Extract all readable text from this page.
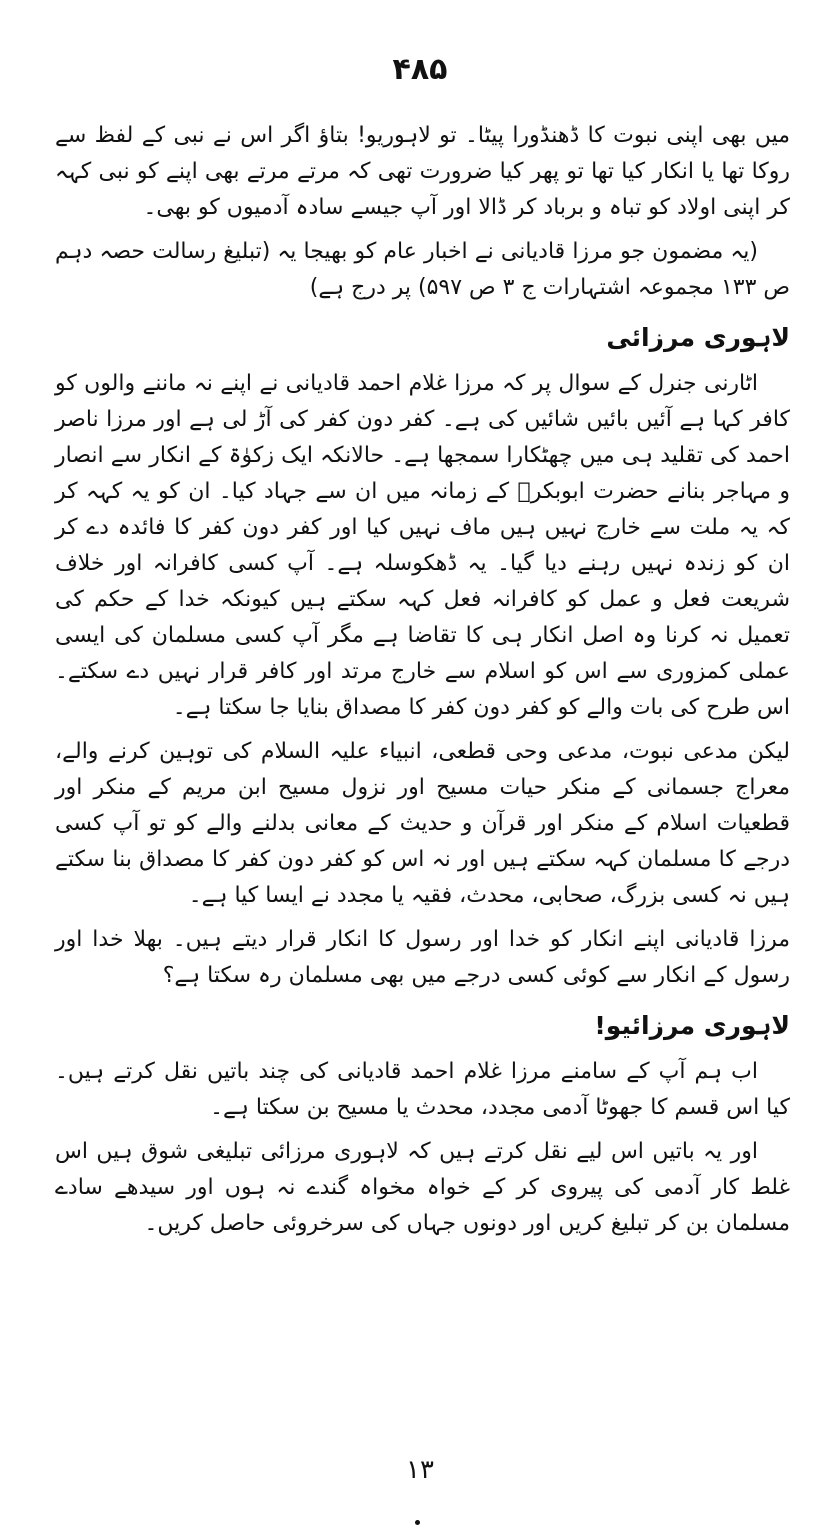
۴۸۵

میں بھی اپنی نبوت کا ڈھنڈورا پیٹا۔ تو لاہوریو! بتاؤ اگر اس نے نبی کے لفظ سے روکا تھا یا انکار کیا تھا تو پھر کیا ضرورت تھی کہ مرتے مرتے بھی اپنے کو نبی کہہ کر اپنی اولاد کو تباہ و برباد کر ڈالا اور آپ جیسے سادہ آدمیوں کو بھی۔

(یہ مضمون جو مرزا قادیانی نے اخبار عام کو بھیجا یہ (تبلیغ رسالت حصہ دہم ص ۱۳۳ مجموعہ اشتہارات ج ۳ ص ۵۹۷) پر درج ہے)

لاہوری مرزائی

اٹارنی جنرل کے سوال پر کہ مرزا غلام احمد قادیانی نے اپنے نہ ماننے والوں کو کافر کہا ہے آئیں بائیں شائیں کی ہے۔ کفر دون کفر کی آڑ لی ہے اور مرزا ناصر احمد کی تقلید ہی میں چھٹکارا سمجھا ہے۔ حالانکہ ایک زکوٰۃ کے انکار سے انصار و مہاجر بنانے حضرت ابوبکرؓ کے زمانہ میں ان سے جہاد کیا۔ ان کو یہ کہہ کر کہ یہ ملت سے خارج نہیں ہیں ماف نہیں کیا اور کفر دون کفر کا فائدہ دے کر ان کو زندہ نہیں رہنے دیا گیا۔ یہ ڈھکوسلہ ہے۔ آپ کسی کافرانہ اور خلاف شریعت فعل و عمل کو کافرانہ فعل کہہ سکتے ہیں کیونکہ خدا کے حکم کی تعمیل نہ کرنا وہ اصل انکار ہی کا تقاضا ہے مگر آپ کسی مسلمان کی ایسی عملی کمزوری سے اس کو اسلام سے خارج مرتد اور کافر قرار نہیں دے سکتے۔ اس طرح کی بات والے کو کفر دون کفر کا مصداق بنایا جا سکتا ہے۔

لیکن مدعی نبوت، مدعی وحی قطعی، انبیاء علیہ السلام کی توہین کرنے والے، معراج جسمانی کے منکر حیات مسیح اور نزول مسیح ابن مریم کے منکر اور قطعیات اسلام کے منکر اور قرآن و حدیث کے معانی بدلنے والے کو تو آپ کسی درجے کا مسلمان کہہ سکتے ہیں اور نہ اس کو کفر دون کفر کا مصداق بنا سکتے ہیں نہ کسی بزرگ، صحابی، محدث، فقیہ یا مجدد نے ایسا کیا ہے۔

مرزا قادیانی اپنے انکار کو خدا اور رسول کا انکار قرار دیتے ہیں۔ بھلا خدا اور رسول کے انکار سے کوئی کسی درجے میں بھی مسلمان رہ سکتا ہے؟

لاہوری مرزائیو!

اب ہم آپ کے سامنے مرزا غلام احمد قادیانی کی چند باتیں نقل کرتے ہیں۔ کیا اس قسم کا جھوٹا آدمی مجدد، محدث یا مسیح بن سکتا ہے۔

اور یہ باتیں اس لیے نقل کرتے ہیں کہ لاہوری مرزائی تبلیغی شوق ہیں اس غلط کار آدمی کی پیروی کر کے خواہ مخواہ گندے نہ ہوں اور سیدھے سادے مسلمان بن کر تبلیغ کریں اور دونوں جہاں کی سرخروئی حاصل کریں۔

۱۳
